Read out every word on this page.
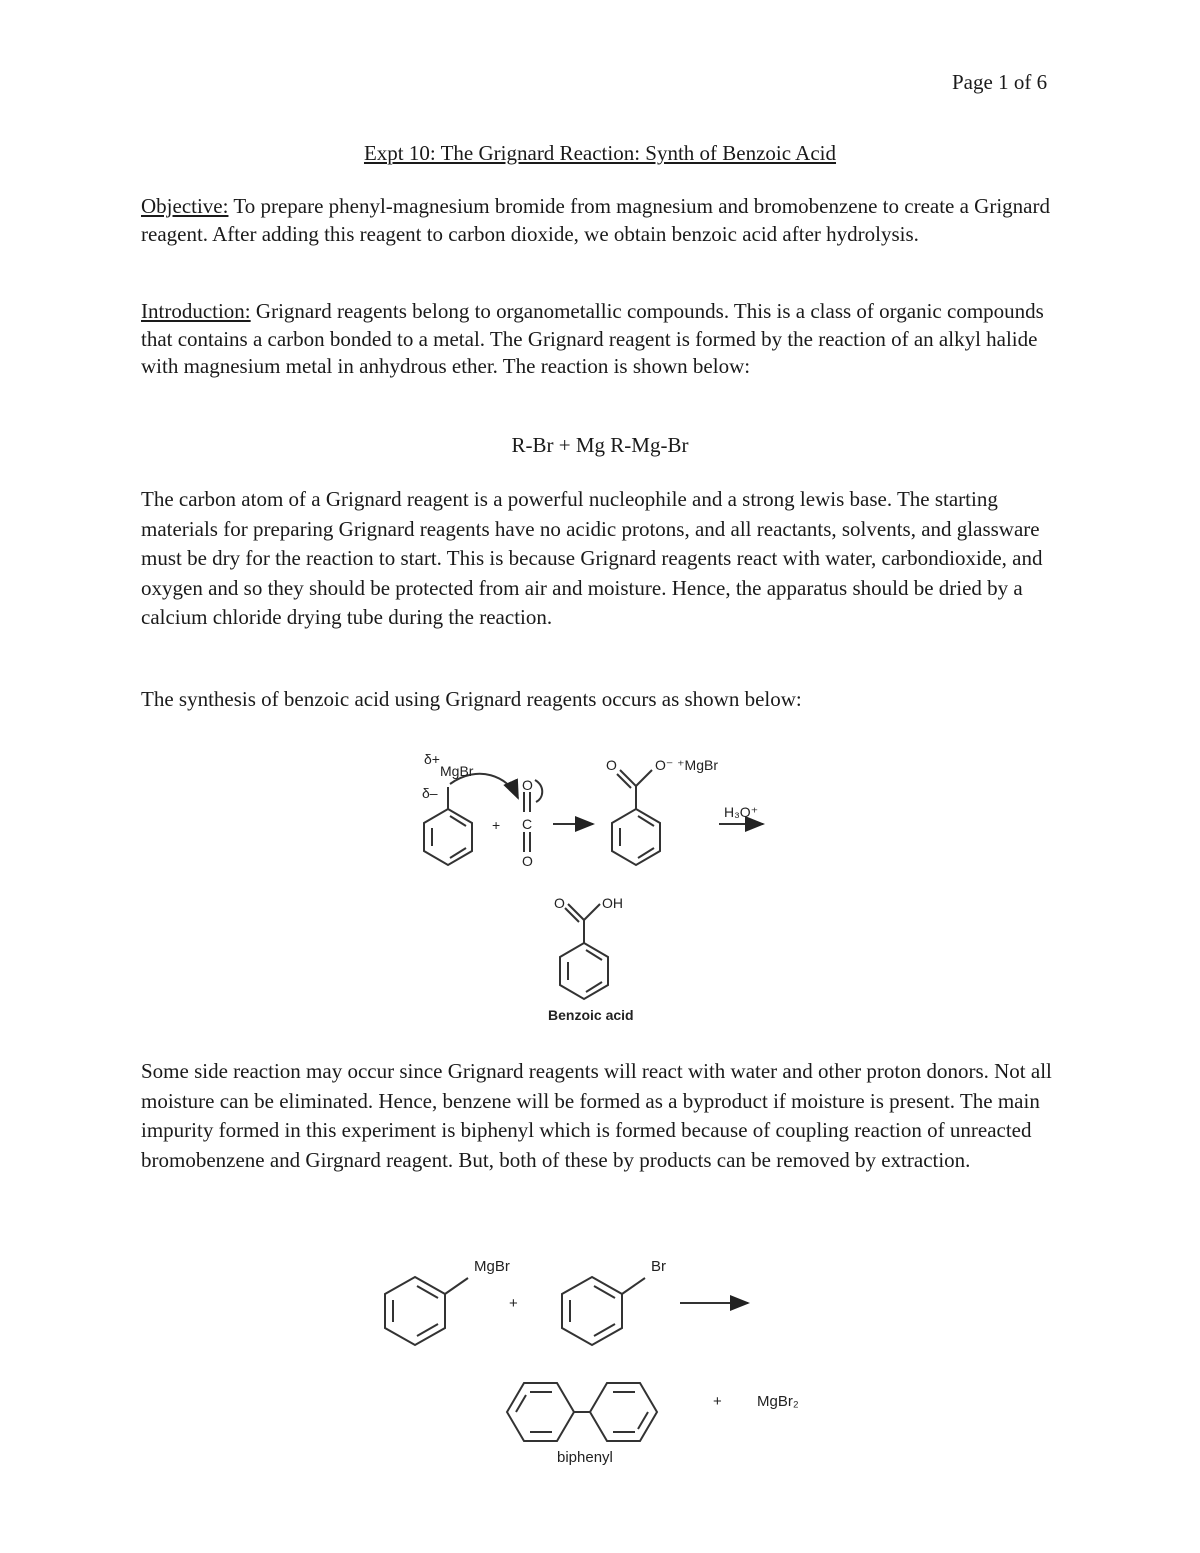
Page 1 of 6
Expt 10: The Grignard Reaction: Synth of Benzoic Acid

Objective: To prepare phenyl-magnesium bromide from magnesium and bromobenzene to create a Grignard reagent. After adding this reagent to carbon dioxide, we obtain benzoic acid after hydrolysis.

Introduction: Grignard reagents belong to organometallic compounds. This is a class of organic compounds that contains a carbon bonded to a metal. The Grignard reagent is formed by the reaction of an alkyl halide with magnesium metal in anhydrous ether. The reaction is shown below:

R-Br + Mg R-Mg-Br

The carbon atom of a Grignard reagent is a powerful nucleophile and a strong lewis base. The starting materials for preparing Grignard reagents have no acidic protons, and all reactants, solvents, and glassware must be dry for the reaction to start. This is because Grignard reagents react with water, carbondioxide, and oxygen and so they should be protected from air and moisture. Hence, the apparatus should be dried by a calcium chloride drying tube during the reaction.

The synthesis of benzoic acid using Grignard reagents occurs as shown below:

δ+
MgBr
δ–
+
O
C
O
O	O⁻ ⁺MgBr
H₃O⁺
O	OH
Benzoic acid

Some side reaction may occur since Grignard reagents will react with water and other proton donors. Not all moisture can be eliminated. Hence, benzene will be formed as a byproduct if moisture is present. The main impurity formed in this experiment is biphenyl which is formed because of coupling reaction of unreacted bromobenzene and Girgnard reagent. But, both of these by products can be removed by extraction.

MgBr
+
Br
+ MgBr₂
biphenyl
